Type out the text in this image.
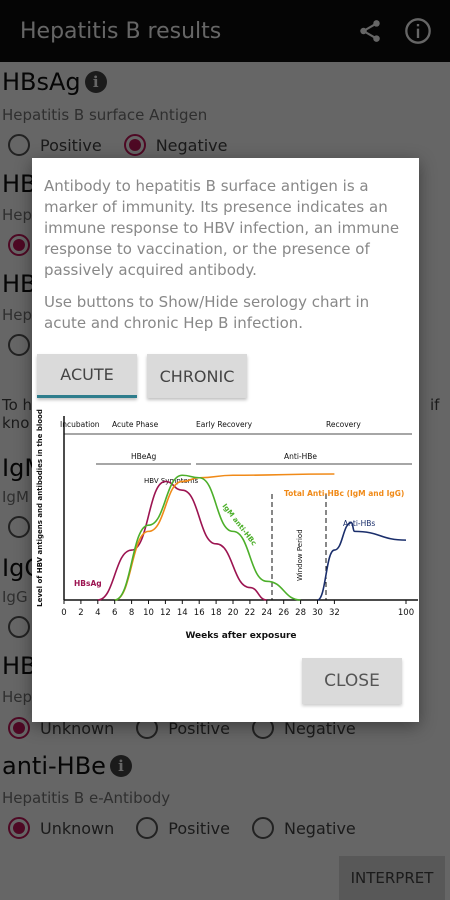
Antibody to hepatitis B surface antigen is a marker of immunity. Its presence indicates an immune response to HBV infection, an immune response to vaccination, or the presence of passively acquired antibody.
Use buttons to Show/Hide serology chart in acute and chronic Hep B infection.
ACUTE	CHRONIC
Level of HBV antigens and antibodies in the blood
Weeks after exposure
Incubation Acute Phase	Early Recovery	Recovery
HBeAg	Anti-HBe
HBV Symptoms
Window Period
HBsAg
Total Anti-HBc (IgM and IgG)
IgM anti-HBc	Anti-HBs
0 2 4 6 8 10 12 14 16 18 20 22 24 26 28 30 32	100
CLOSE
